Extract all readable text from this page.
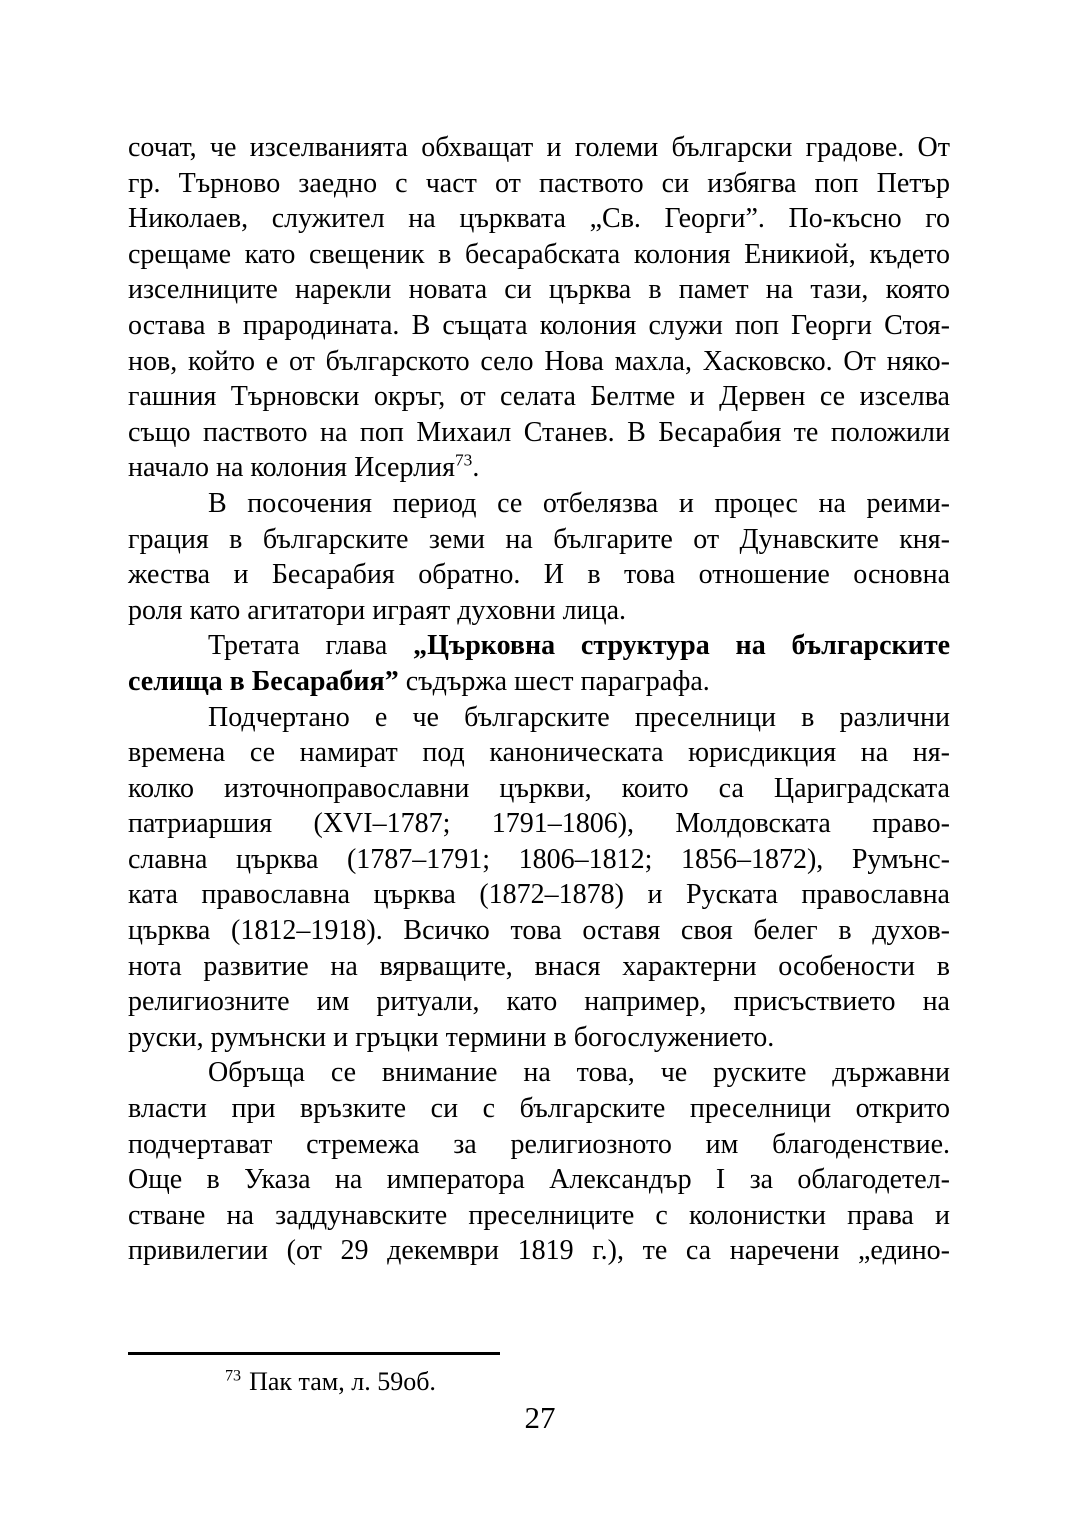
сочат, че изселванията обхващат и големи български градове. От
гр. Търново заедно с част от паството си избягва поп Петър
Николаев, служител на църквата „Св. Георги”. По-късно го
срещаме като свещеник в бесарабската колония Еникиой, където
изселниците нарекли новата си църква в памет на тази, която
остава в прародината. В същата колония служи поп Георги Стоя-
нов, който е от българското село Нова махла, Хасковско. От няко-
гашния Търновски окръг, от селата Белтме и Дервен се изселва
също паството на поп Михаил Станев. В Бесарабия те положили
начало на колония Исерлия$^{73}$.
В посочения период се отбелязва и процес на реими-
грация в българските земи на българите от Дунавските кня-
жества и Бесарабия обратно. И в това отношение основна
роля като агитатори играят духовни лица.
Третата глава „Църковна структура на българските
селища в Бесарабия” съдържа шест параграфа.
Подчертано е че българските преселници в различни
времена се намират под каноническата юрисдикция на ня-
колко източноправославни църкви, които са Цариградската
патриаршия (XVI–1787; 1791–1806), Молдовската право-
славна църква (1787–1791; 1806–1812; 1856–1872), Румънс-
ката православна църква (1872–1878) и Руската православна
църква (1812–1918). Всичко това оставя своя белег в духов-
нота развитие на вярващите, внася характерни особености в
религиозните им ритуали, като например, присъствието на
руски, румънски и гръцки термини в богослужението.
Обръща се внимание на това, че руските държавни
власти при връзките си с българските преселници открито
подчертават стремежа за религиозното им благоденствие.
Още в Указа на императора Александър I за облагодетел-
стване на заддунавските преселниците с колонистки права и
привилегии (от 29 декември 1819 г.), те са наречени „едино-
$^{73}$ Пак там, л. 59об.
27
